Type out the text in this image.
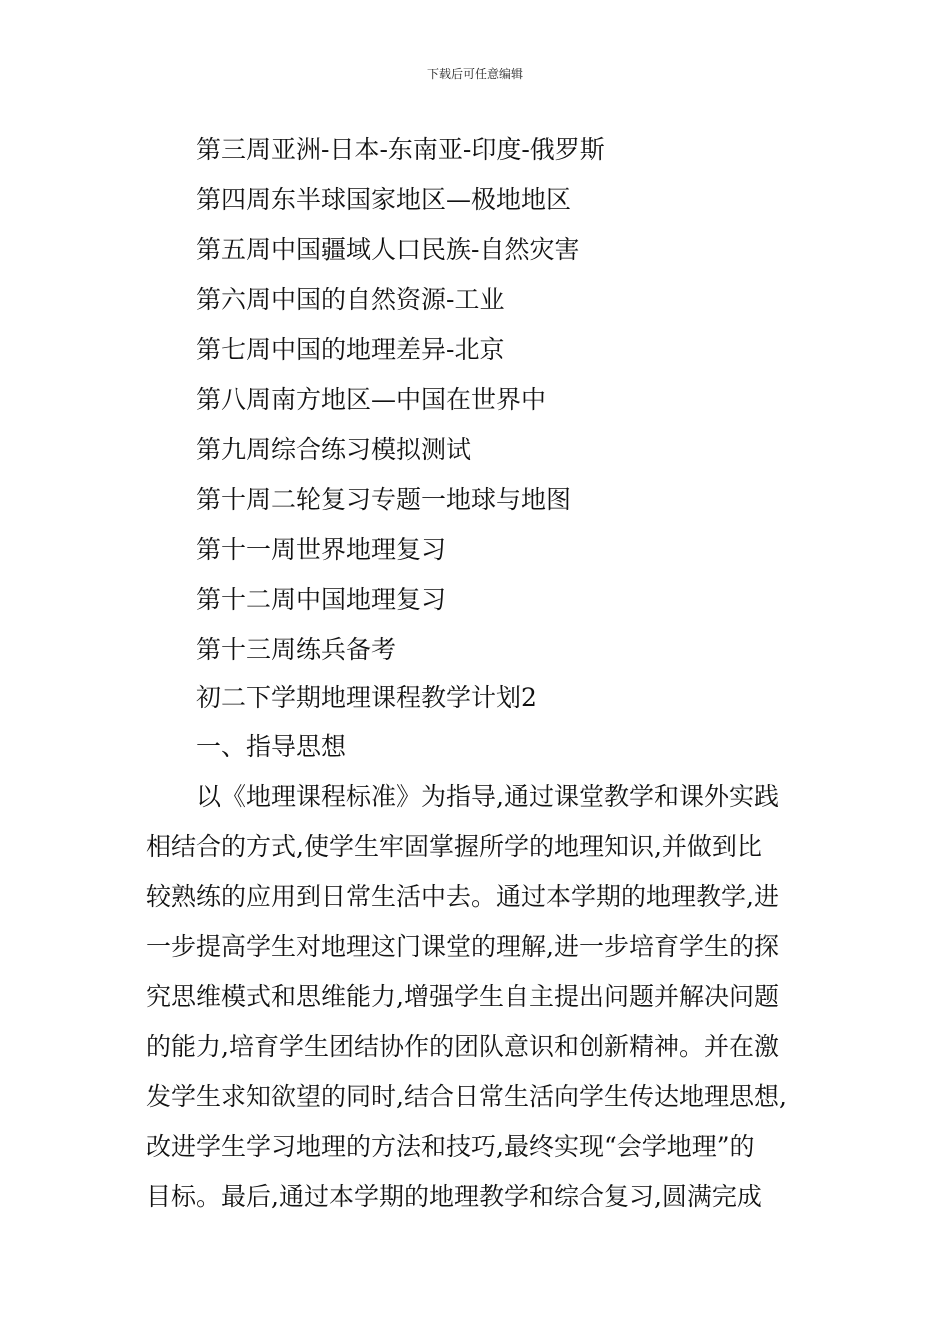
下载后可任意编辑
第三周亚洲-日本-东南亚-印度-俄罗斯
第四周东半球国家地区—极地地区
第五周中国疆域人口民族-自然灾害
第六周中国的自然资源-工业
第七周中国的地理差异-北京
第八周南方地区—中国在世界中
第九周综合练习模拟测试
第十周二轮复习专题一地球与地图
第十一周世界地理复习
第十二周中国地理复习
第十三周练兵备考
初二下学期地理课程教学计划2
一、指导思想
以《地理课程标准》为指导,通过课堂教学和课外实践
相结合的方式,使学生牢固掌握所学的地理知识,并做到比
较熟练的应用到日常生活中去。通过本学期的地理教学,进
一步提高学生对地理这门课堂的理解,进一步培育学生的探
究思维模式和思维能力,增强学生自主提出问题并解决问题
的能力,培育学生团结协作的团队意识和创新精神。并在激
发学生求知欲望的同时,结合日常生活向学生传达地理思想,
改进学生学习地理的方法和技巧,最终实现“会学地理”的
目标。最后,通过本学期的地理教学和综合复习,圆满完成
